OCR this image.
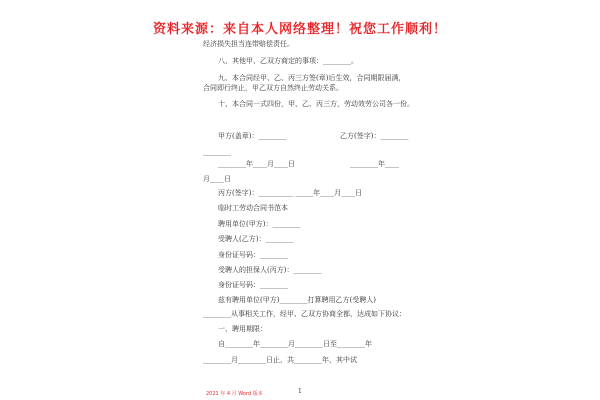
资料来源：来自本人网络整理！祝您工作顺利！
经济损失担当连带赔偿责任。
八、其他甲、乙双方商定的事项：________。
九、本合同经甲、乙、丙三方签(章)后生效，合同期限届满，
合同即行终止，甲乙双方自然终止劳动关系。
十、本合同一式四份，甲、乙、丙三方，劳动效劳公司各一份。
甲方(盖章)：________	乙方(签字)：________
________
________年____月____日	________年____
月____日
丙方(签字)：__________ _____年____月____日
临时工劳动合同书范本
聘用单位(甲方)：________
受聘人(乙方)：________
身份证号码：________
受聘人的担保人(丙方)：________
身份证号码：________
兹有聘用单位(甲方)________打算聘用乙方(受聘人)
________从事相关工作，经甲、乙双方协商全都，达成如下协议：
一、聘用期限：
自________年________月________日至________年
________月________日止，共________年，其中试
2021 年 4 月 Word 版本	1
